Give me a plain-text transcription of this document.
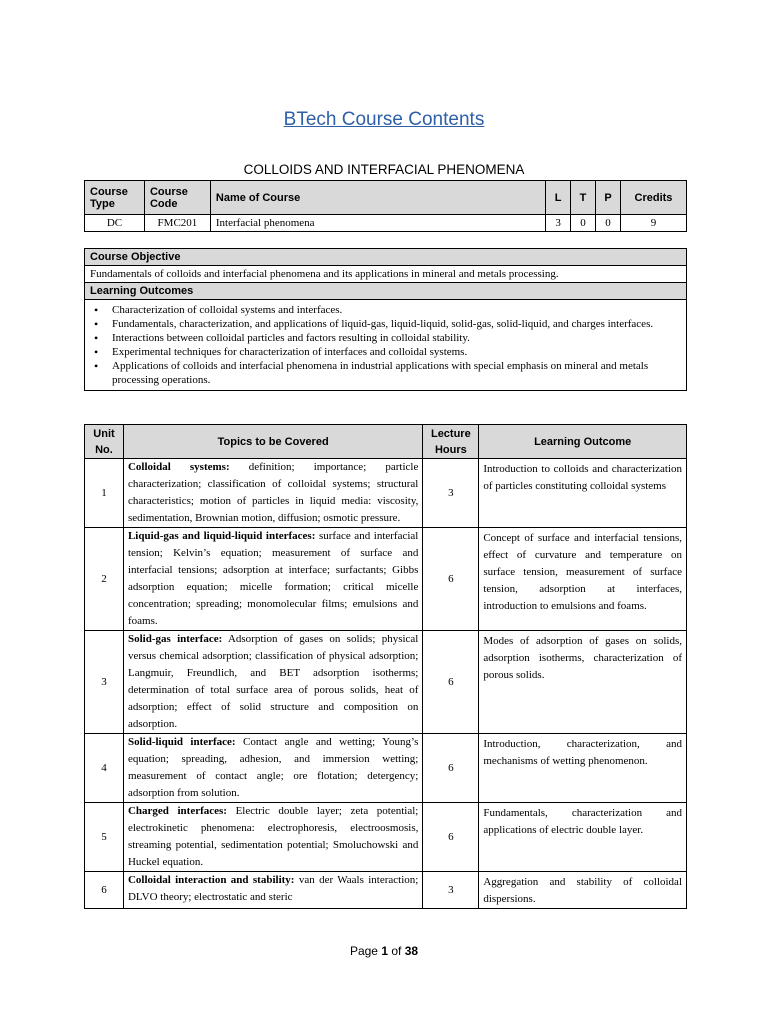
BTech Course Contents
COLLOIDS AND INTERFACIAL PHENOMENA
Course Type	Course Code	Name of Course	L	T	P	Credits
DC	FMC201	Interfacial phenomena	3	0	0	9
Course Objective
Fundamentals of colloids and interfacial phenomena and its applications in mineral and metals processing.
Learning Outcomes

• Characterization of colloidal systems and interfaces.
• Fundamentals, characterization, and applications of liquid-gas, liquid-liquid, solid-gas, solid-liquid, and charges interfaces.
• Interactions between colloidal particles and factors resulting in colloidal stability.
• Experimental techniques for characterization of interfaces and colloidal systems.
• Applications of colloids and interfacial phenomena in industrial applications with special emphasis on mineral and metals processing operations.
Unit No.	Topics to be Covered	Lecture Hours	Learning Outcome
1	Colloidal systems: definition; importance; particle characterization; classification of colloidal systems; structural characteristics; motion of particles in liquid media: viscosity, sedimentation, Brownian motion, diffusion; osmotic pressure.	3	Introduction to colloids and characterization of particles constituting colloidal systems
2	Liquid-gas and liquid-liquid interfaces: surface and interfacial tension; Kelvin’s equation; measurement of surface and interfacial tensions; adsorption at interface; surfactants; Gibbs adsorption equation; micelle formation; critical micelle concentration; spreading; monomolecular films; emulsions and foams.	6	Concept of surface and interfacial tensions, effect of curvature and temperature on surface tension, measurement of surface tension, adsorption at interfaces, introduction to emulsions and foams.
3	Solid-gas interface: Adsorption of gases on solids; physical versus chemical adsorption; classification of physical adsorption; Langmuir, Freundlich, and BET adsorption isotherms; determination of total surface area of porous solids, heat of adsorption; effect of solid structure and composition on adsorption.	6	Modes of adsorption of gases on solids, adsorption isotherms, characterization of porous solids.
4	Solid-liquid interface: Contact angle and wetting; Young’s equation; spreading, adhesion, and immersion wetting; measurement of contact angle; ore flotation; detergency; adsorption from solution.	6	Introduction, characterization, and mechanisms of wetting phenomenon.
5	Charged interfaces: Electric double layer; zeta potential; electrokinetic phenomena: electrophoresis, electroosmosis, streaming potential, sedimentation potential; Smoluchowski and Huckel equation.	6	Fundamentals, characterization and applications of electric double layer.
6	Colloidal interaction and stability: van der Waals interaction; DLVO theory; electrostatic and steric	3	Aggregation and stability of colloidal dispersions.
Page 1 of 38
